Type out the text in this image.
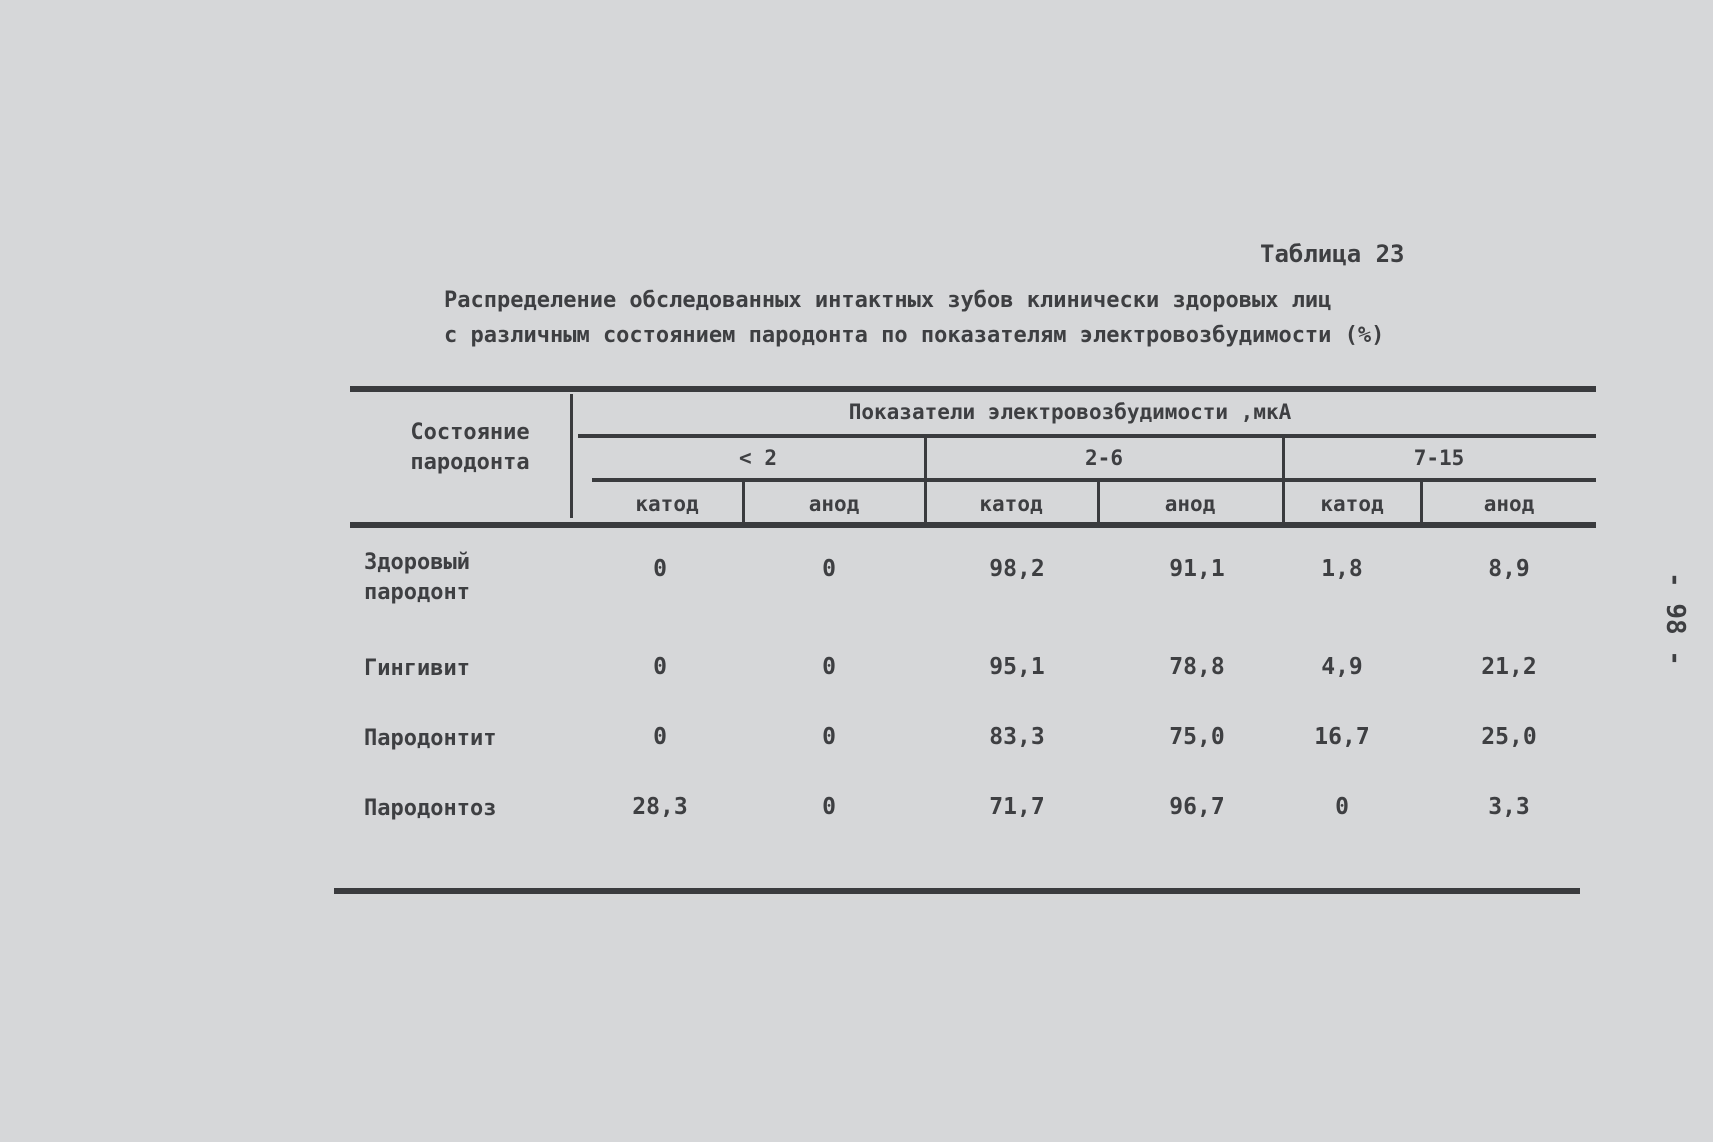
Таблица 23
Распределение обследованных интактных зубов клинически здоровых лиц
с различным состоянием пародонта по показателям электровозбудимости (%)
Состояние
пародонта
Показатели электровозбудимости ,мкА
< 2	2-6	7-15
катод	анод	катод	анод	катод	анод
Здоровый
пародонт
0	0	98,2	91,1	1,8	8,9
Гингивит	0	0	95,1	78,8	4,9	21,2
Пародонтит	0	0	83,3	75,0	16,7	25,0
Пародонтоз	28,3	0	71,7	96,7	0	3,3
- 98 -
